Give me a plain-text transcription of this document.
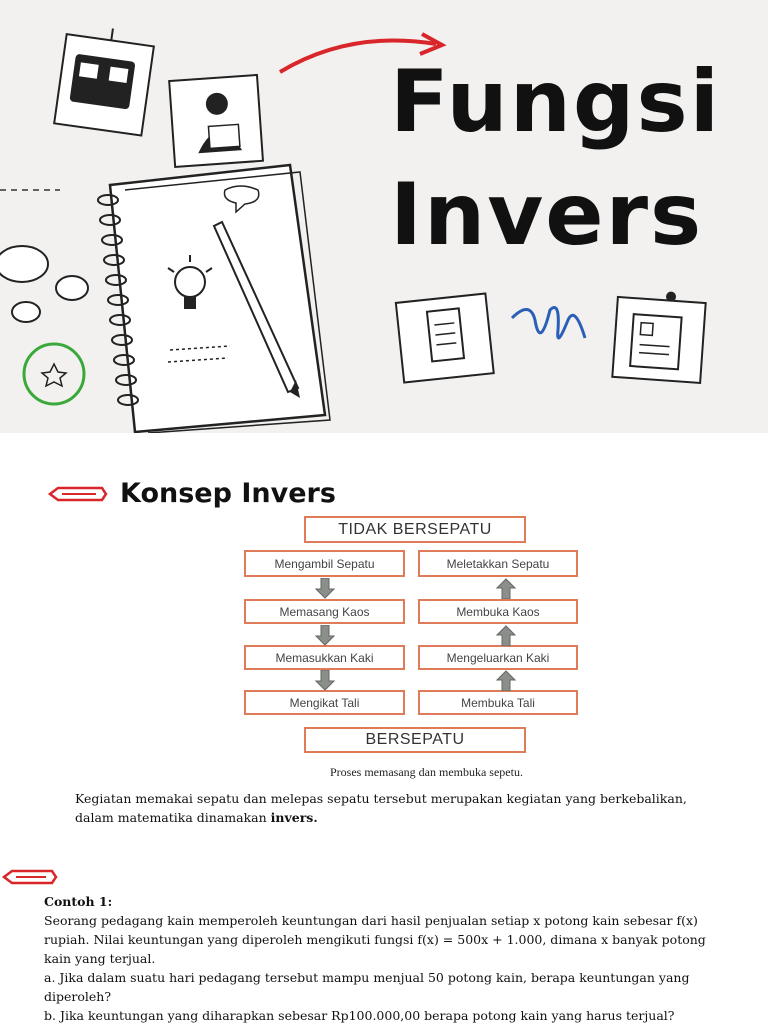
Fungsi
Invers
Konsep Invers
TIDAK BERSEPATU
Mengambil Sepatu
Memasang Kaos
Memasukkan Kaki
Mengikat Tali
Meletakkan Sepatu
Membuka Kaos
Mengeluarkan Kaki
Membuka Tali
BERSEPATU
Proses memasang dan membuka sepetu.
Kegiatan memakai sepatu dan melepas sepatu tersebut merupakan kegiatan yang berkebalikan,
dalam matematika dinamakan invers.
Contoh 1:
Seorang pedagang kain memperoleh keuntungan dari hasil penjualan setiap x potong kain sebesar f(x)
rupiah. Nilai keuntungan yang diperoleh mengikuti fungsi f(x) = 500x + 1.000, dimana x banyak potong
kain yang terjual.
a. Jika dalam suatu hari pedagang tersebut mampu menjual 50 potong kain, berapa keuntungan yang
diperoleh?
b. Jika keuntungan yang diharapkan sebesar Rp100.000,00 berapa potong kain yang harus terjual?
